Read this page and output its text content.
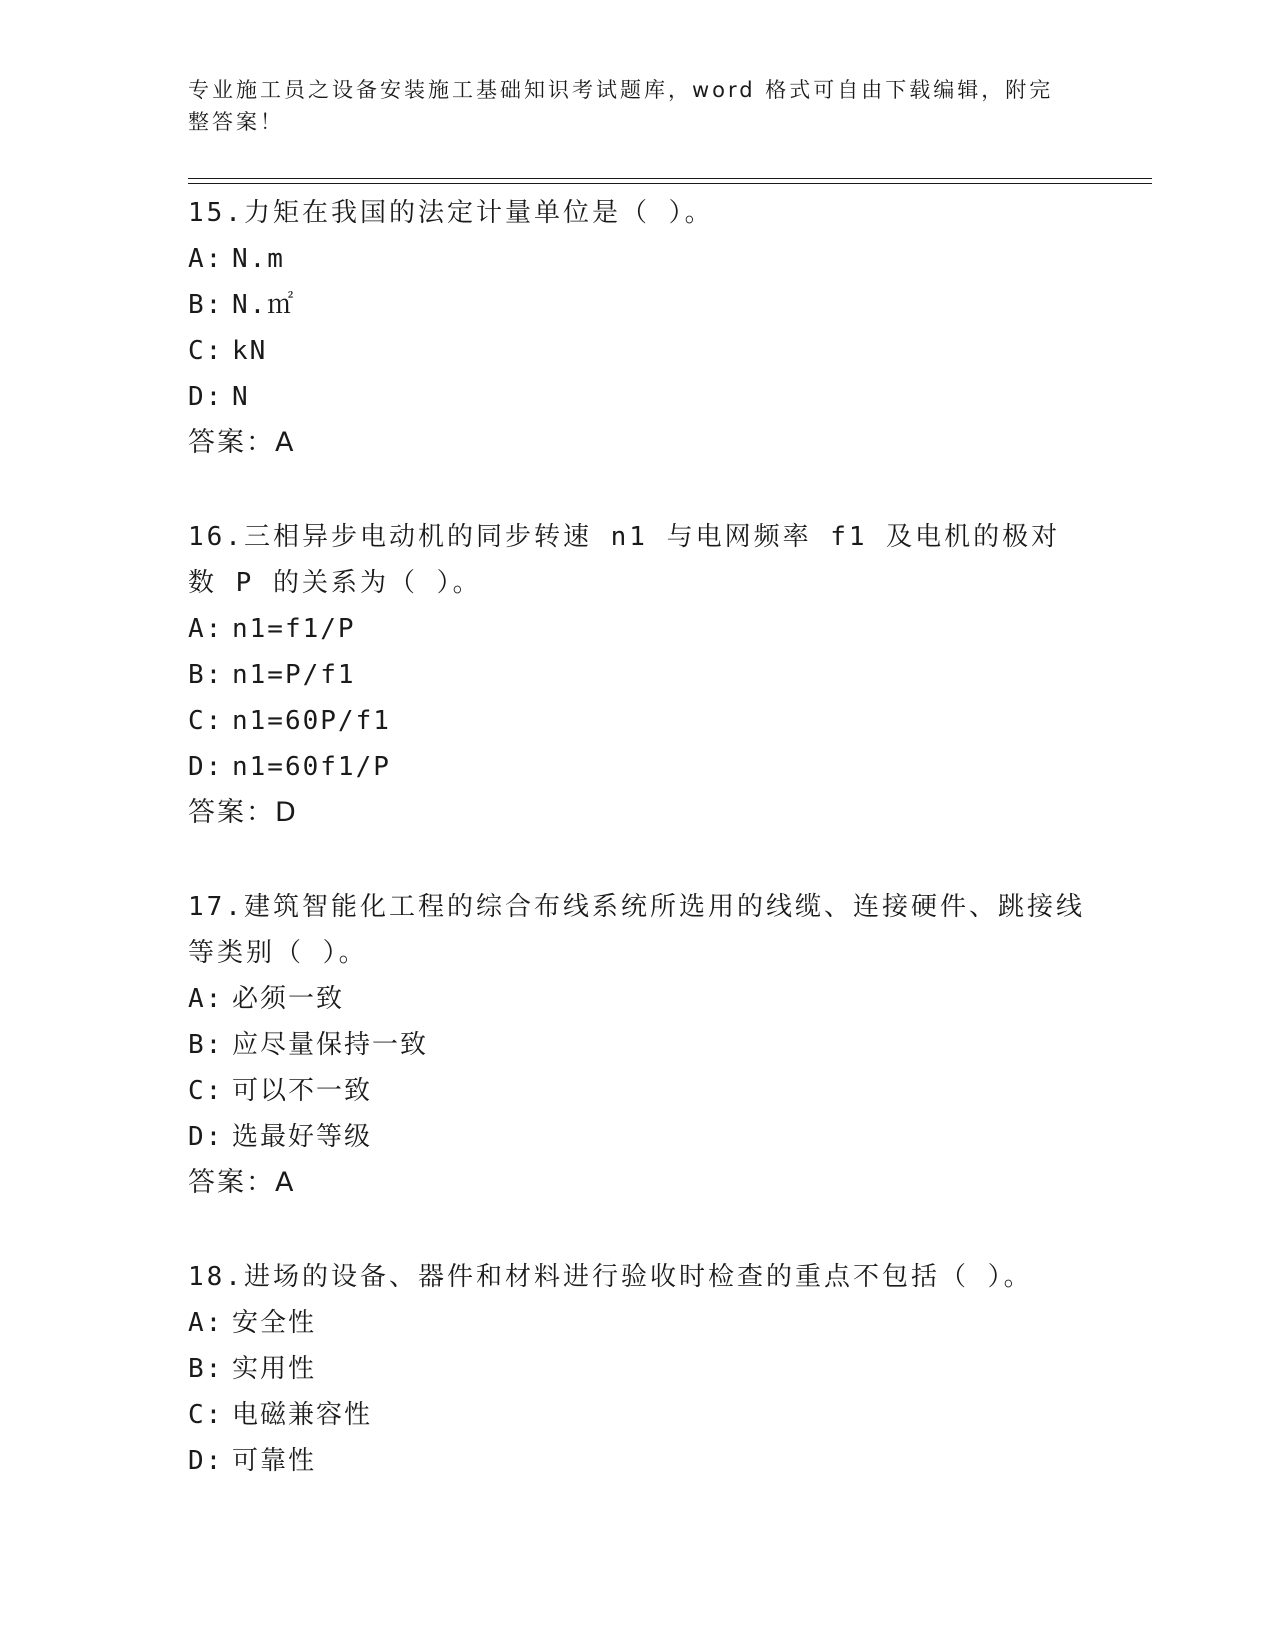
专业施工员之设备安装施工基础知识考试题库，word 格式可自由下载编辑，附完整答案！
15.力矩在我国的法定计量单位是（ ）。
A: N.m
B: N.㎡
C: kN
D: N
答案：A
16.三相异步电动机的同步转速 n1 与电网频率 f1 及电机的极对数 P 的关系为（ ）。
A: n1=f1/P
B: n1=P/f1
C: n1=60P/f1
D: n1=60f1/P
答案：D
17.建筑智能化工程的综合布线系统所选用的线缆、连接硬件、跳接线等类别（ ）。
A: 必须一致
B: 应尽量保持一致
C: 可以不一致
D: 选最好等级
答案：A
18.进场的设备、器件和材料进行验收时检查的重点不包括（ ）。
A: 安全性
B: 实用性
C: 电磁兼容性
D: 可靠性
